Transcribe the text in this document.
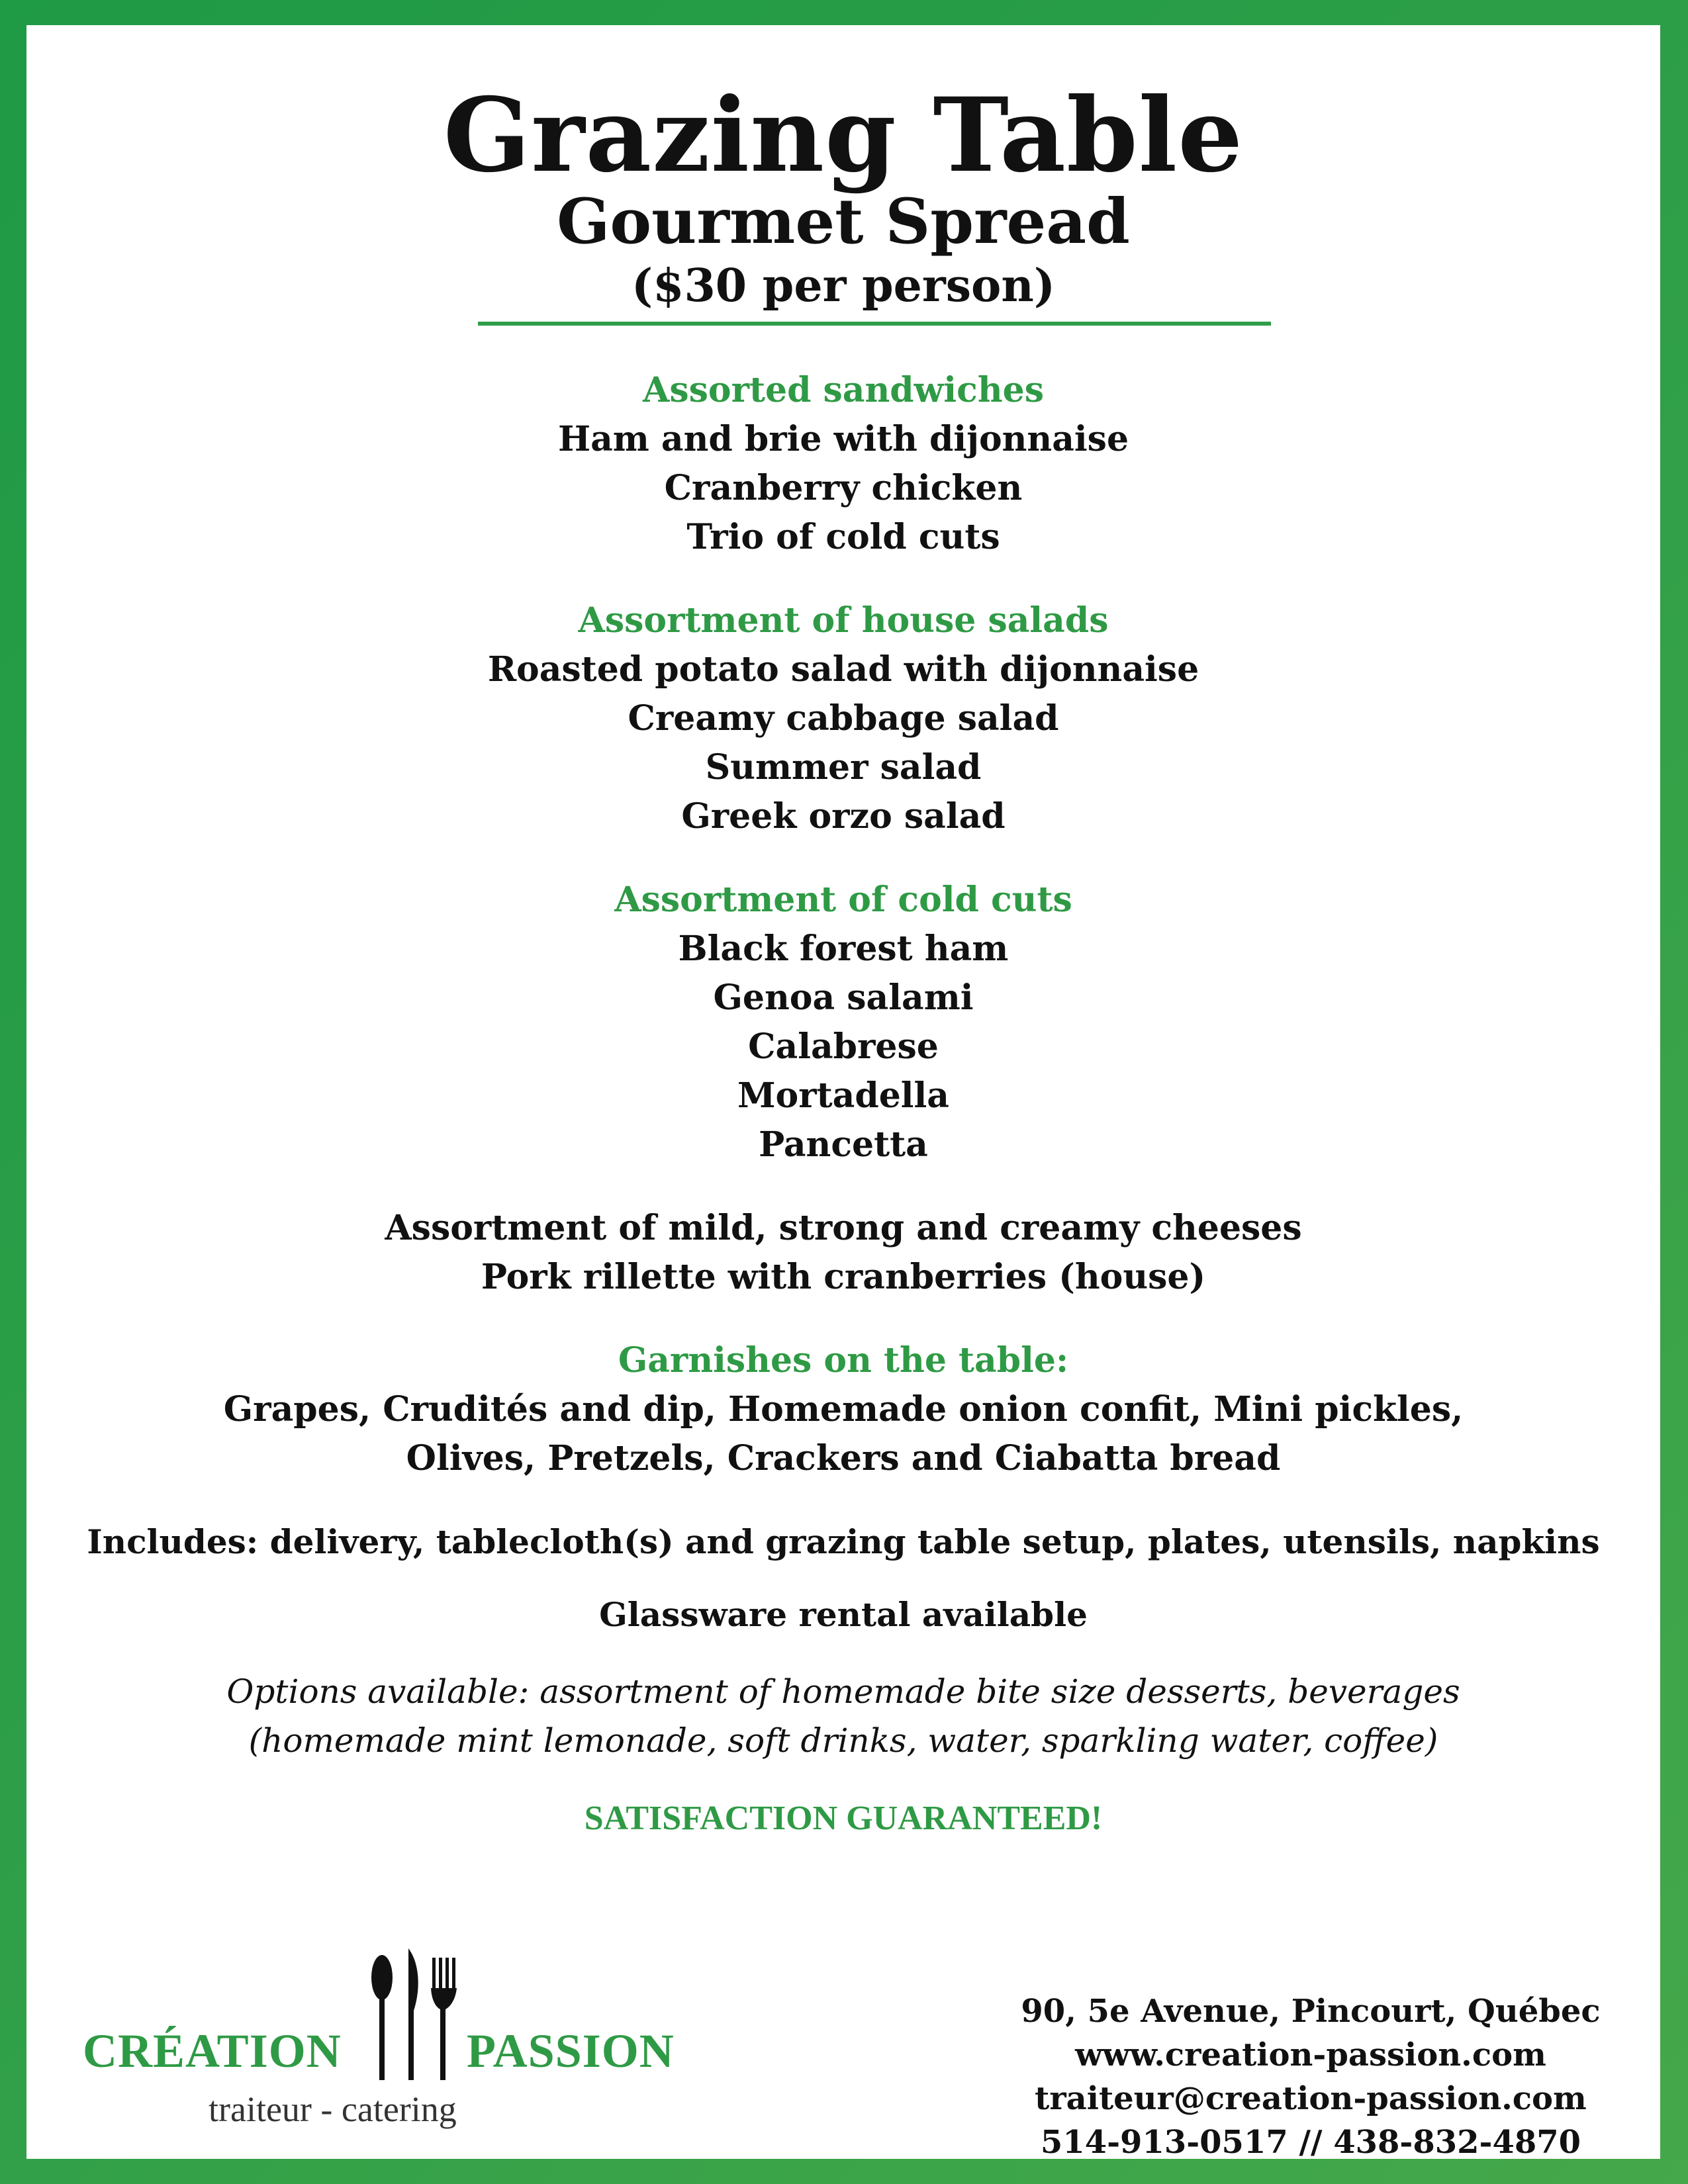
Grazing Table
Gourmet Spread
($30 per person)
Assorted sandwiches
Ham and brie with dijonnaise
Cranberry chicken
Trio of cold cuts
Assortment of house salads
Roasted potato salad with dijonnaise
Creamy cabbage salad
Summer salad
Greek orzo salad
Assortment of cold cuts
Black forest ham
Genoa salami
Calabrese
Mortadella
Pancetta
Assortment of mild, strong and creamy cheeses
Pork rillette with cranberries (house)
Garnishes on the table:
Grapes, Crudités and dip, Homemade onion confit, Mini pickles,
Olives, Pretzels, Crackers and Ciabatta bread
Includes: delivery, tablecloth(s) and grazing table setup, plates, utensils, napkins
Glassware rental available
Options available: assortment of homemade bite size desserts, beverages (homemade mint lemonade, soft drinks, water, sparkling water, coffee)
SATISFACTION GUARANTEED!
CRÉATION	PASSION
traiteur - catering
90, 5e Avenue, Pincourt, Québec
www.creation-passion.com
traiteur@creation-passion.com
514-913-0517 // 438-832-4870
